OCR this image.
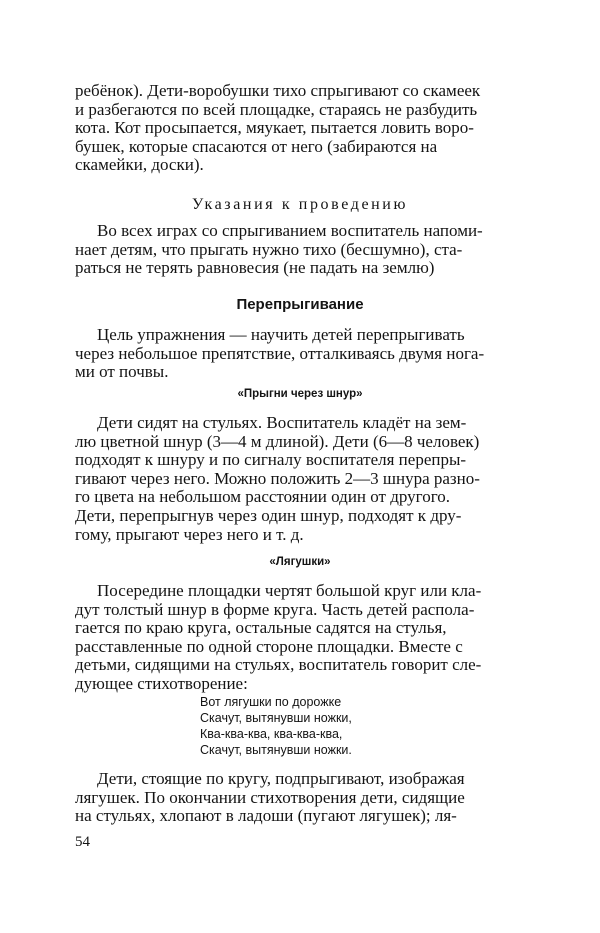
ребёнок). Дети-воробушки тихо спрыгивают со скамеек
и разбегаются по всей площадке, стараясь не разбудить
кота. Кот просыпается, мяукает, пытается ловить воро-
бушек, которые спасаются от него (забираются на
скамейки, доски).

Указания к проведению

Во всех играх со спрыгиванием воспитатель напоми-
нает детям, что прыгать нужно тихо (бесшумно), ста-
раться не терять равновесия (не падать на землю)

Перепрыгивание

Цель упражнения — научить детей перепрыгивать
через небольшое препятствие, отталкиваясь двумя нога-
ми от почвы.

«Прыгни через шнур»

Дети сидят на стульях. Воспитатель кладёт на зем-
лю цветной шнур (3—4 м длиной). Дети (6—8 человек)
подходят к шнуру и по сигналу воспитателя перепры-
гивают через него. Можно положить 2—3 шнура разно-
го цвета на небольшом расстоянии один от другого.
Дети, перепрыгнув через один шнур, подходят к дру-
гому, прыгают через него и т. д.

«Лягушки»

Посередине площадки чертят большой круг или кла-
дут толстый шнур в форме круга. Часть детей распола-
гается по краю круга, остальные садятся на стулья,
расставленные по одной стороне площадки. Вместе с
детьми, сидящими на стульях, воспитатель говорит сле-
дующее стихотворение:

Вот лягушки по дорожке
Скачут, вытянувши ножки,
Ква-ква-ква, ква-ква-ква,
Скачут, вытянувши ножки.

Дети, стоящие по кругу, подпрыгивают, изображая
лягушек. По окончании стихотворения дети, сидящие
на стульях, хлопают в ладоши (пугают лягушек); ля-

54
